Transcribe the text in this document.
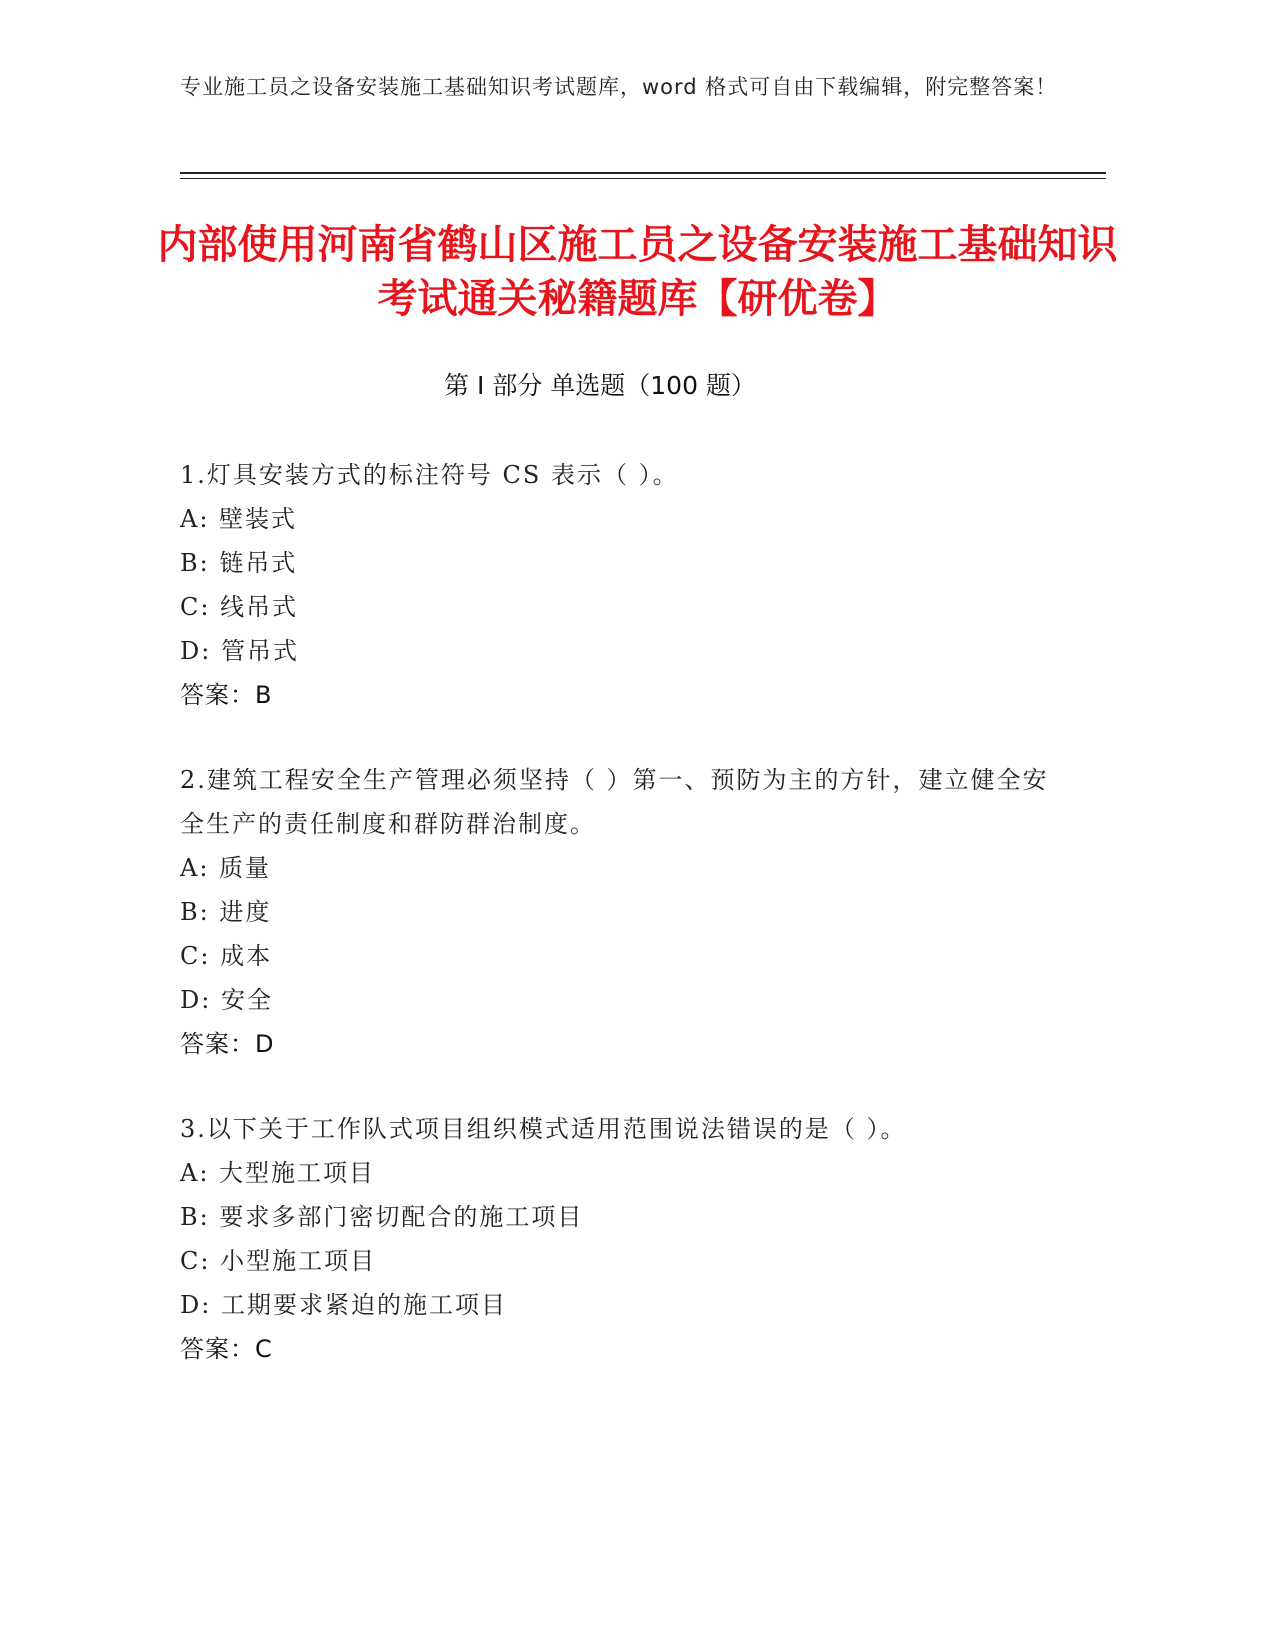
专业施工员之设备安装施工基础知识考试题库，word 格式可自由下载编辑，附完整答案！
内部使用河南省鹤山区施工员之设备安装施工基础知识考试通关秘籍题库【研优卷】
第 I 部分 单选题（100 题）
1.灯具安装方式的标注符号 CS 表示（ ）。
A: 壁装式
B: 链吊式
C: 线吊式
D: 管吊式
答案：B
2.建筑工程安全生产管理必须坚持（ ）第一、预防为主的方针，建立健全安全生产的责任制度和群防群治制度。
A: 质量
B: 进度
C: 成本
D: 安全
答案：D
3.以下关于工作队式项目组织模式适用范围说法错误的是（ ）。
A: 大型施工项目
B: 要求多部门密切配合的施工项目
C: 小型施工项目
D: 工期要求紧迫的施工项目
答案：C
